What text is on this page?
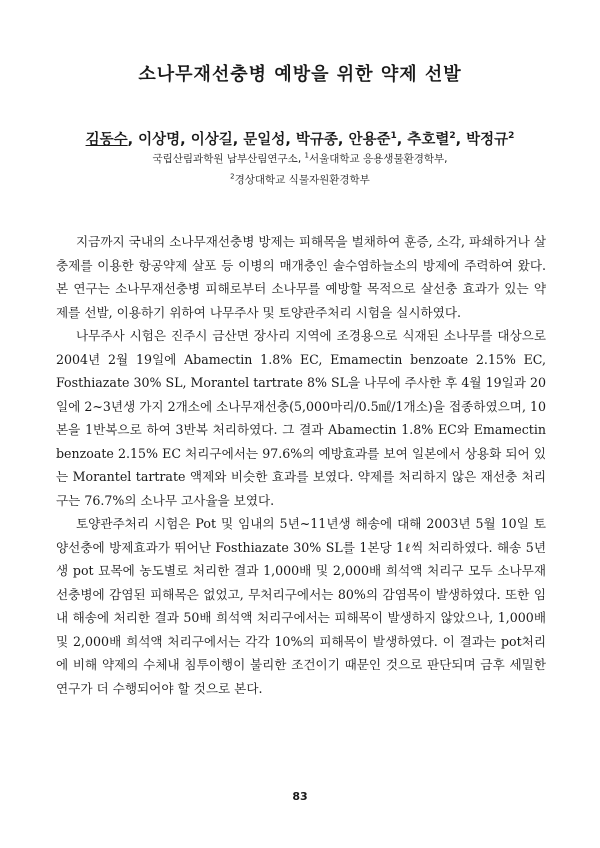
소나무재선충병 예방을 위한 약제 선발
김동수, 이상명, 이상길, 문일성, 박규종, 안용준$^1$, 추호렬$^2$, 박정규$^2$
국립산림과학원 남부산림연구소, $^1$서울대학교 응용생물환경학부,
$^2$경상대학교 식물자원환경학부

지금까지 국내의 소나무재선충병 방제는 피해목을 벌채하여 훈증, 소각, 파쇄하거나 살충제를 이용한 항공약제 살포 등 이병의 매개충인 솔수염하늘소의 방제에 주력하여 왔다. 본 연구는 소나무재선충병 피해로부터 소나무를 예방할 목적으로 살선충 효과가 있는 약제를 선발, 이용하기 위하여 나무주사 및 토양관주처리 시험을 실시하였다.

나무주사 시험은 진주시 금산면 장사리 지역에 조경용으로 식재된 소나무를 대상으로 2004년 2월 19일에 Abamectin 1.8% EC, Emamectin benzoate 2.15% EC, Fosthiazate 30% SL, Morantel tartrate 8% SL을 나무에 주사한 후 4월 19일과 20일에 2~3년생 가지 2개소에 소나무재선충(5,000마리/0.5㎖/1개소)을 접종하였으며, 10본을 1반복으로 하여 3반복 처리하였다. 그 결과 Abamectin 1.8% EC와 Emamectin benzoate 2.15% EC 처리구에서는 97.6%의 예방효과를 보여 일본에서 상용화 되어 있는 Morantel tartrate 액제와 비슷한 효과를 보였다. 약제를 처리하지 않은 재선충 처리구는 76.7%의 소나무 고사율을 보였다.

토양관주처리 시험은 Pot 및 임내의 5년~11년생 해송에 대해 2003년 5월 10일 토양선충에 방제효과가 뛰어난 Fosthiazate 30% SL를 1본당 1ℓ씩 처리하였다. 해송 5년생 pot 묘목에 농도별로 처리한 결과 1,000배 및 2,000배 희석액 처리구 모두 소나무재선충병에 감염된 피해목은 없었고, 무처리구에서는 80%의 감염목이 발생하였다. 또한 임내 해송에 처리한 결과 50배 희석액 처리구에서는 피해목이 발생하지 않았으나, 1,000배 및 2,000배 희석액 처리구에서는 각각 10%의 피해목이 발생하였다. 이 결과는 pot처리에 비해 약제의 수체내 침투이행이 불리한 조건이기 때문인 것으로 판단되며 금후 세밀한 연구가 더 수행되어야 할 것으로 본다.

83
